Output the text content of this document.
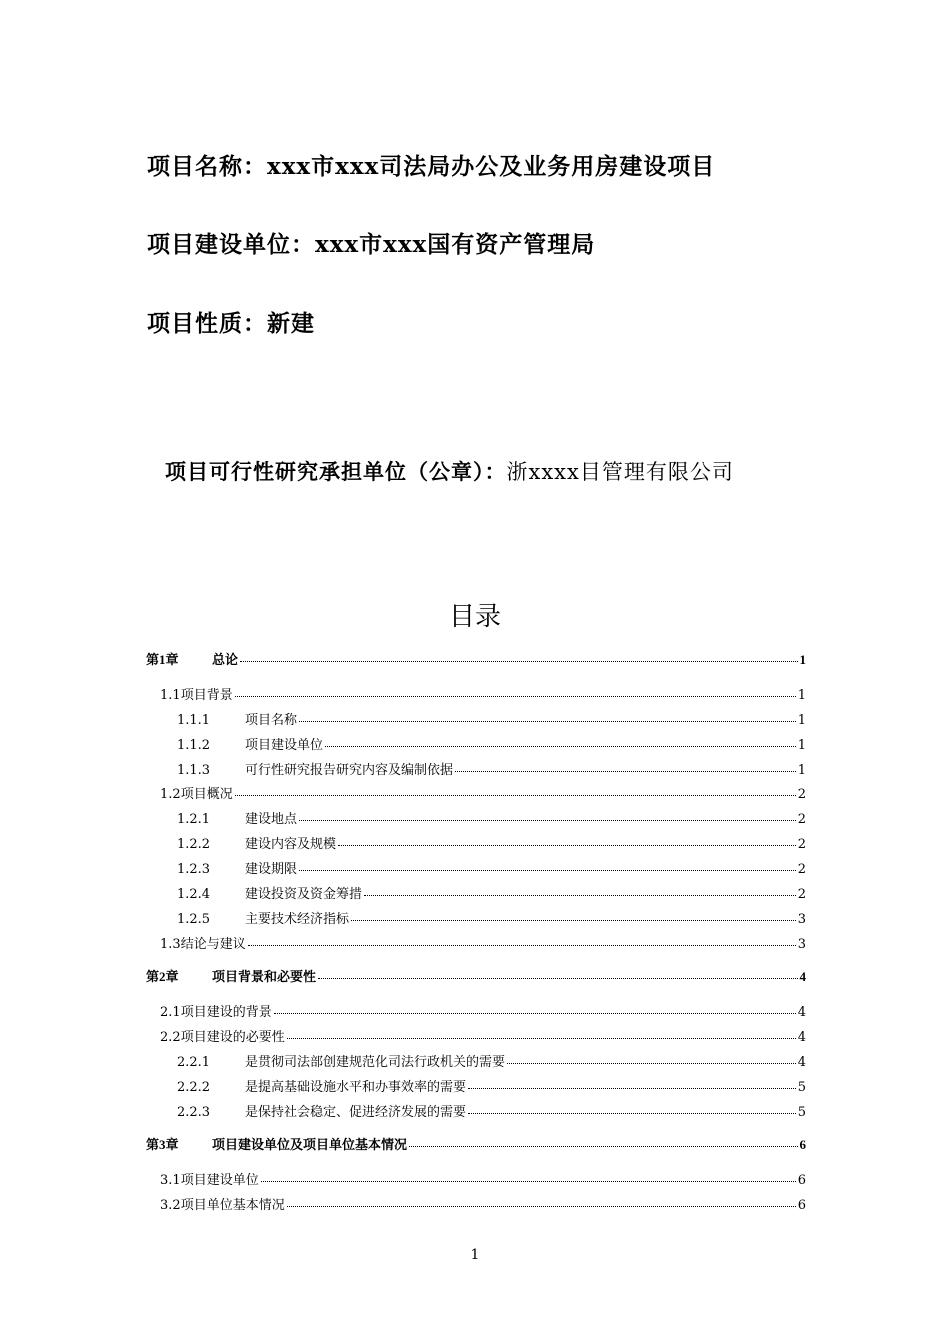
项目名称：xxx市xxx司法局办公及业务用房建设项目
项目建设单位：xxx市xxx国有资产管理局
项目性质：新建
项目可行性研究承担单位（公章）：浙xxxx目管理有限公司
目录
第1章	总论	1
1.1 项目背景	1
1.1.1	项目名称	1
1.1.2	项目建设单位	1
1.1.3	可行性研究报告研究内容及编制依据	1
1.2 项目概况	2
1.2.1	建设地点	2
1.2.2	建设内容及规模	2
1.2.3	建设期限	2
1.2.4	建设投资及资金筹措	2
1.2.5	主要技术经济指标	3
1.3 结论与建议	3
第2章	项目背景和必要性	4
2.1 项目建设的背景	4
2.2 项目建设的必要性	4
2.2.1	是贯彻司法部创建规范化司法行政机关的需要	4
2.2.2	是提高基础设施水平和办事效率的需要	5
2.2.3	是保持社会稳定、促进经济发展的需要	5
第3章	项目建设单位及项目单位基本情况	6
3.1 项目建设单位	6
3.2 项目单位基本情况	6
1
